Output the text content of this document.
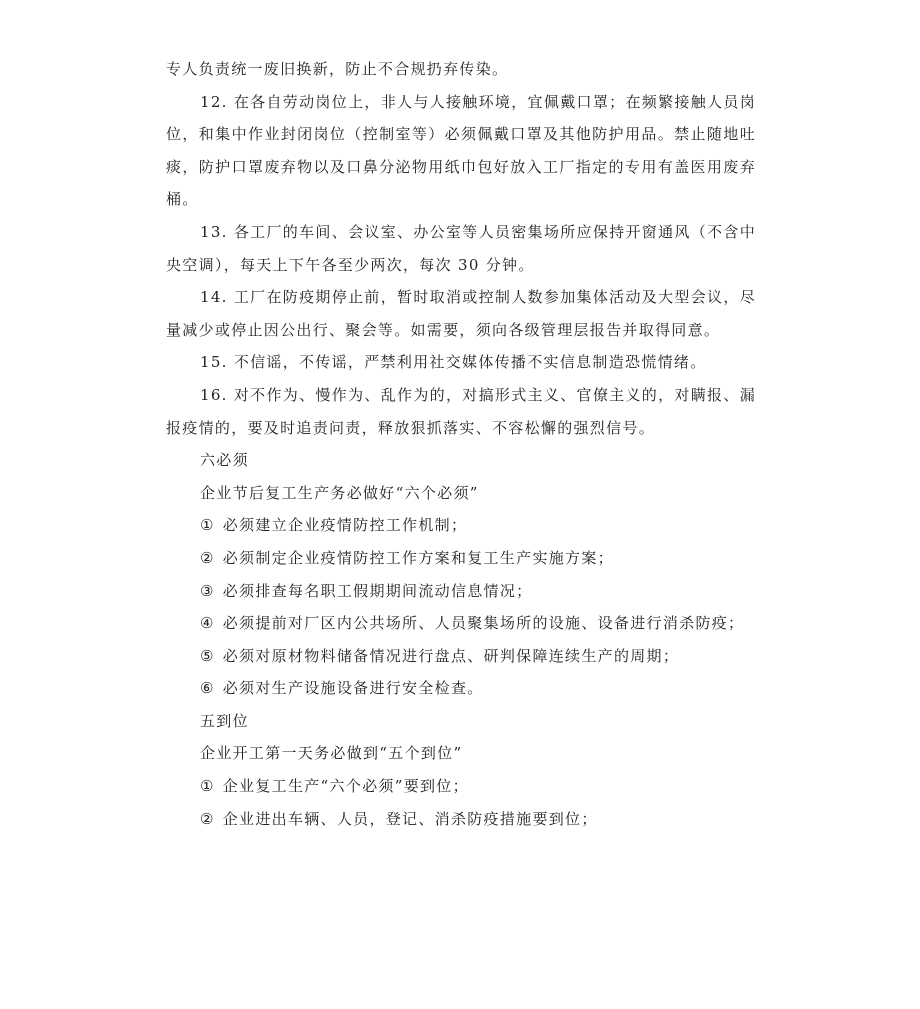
专人负责统一废旧换新，防止不合规扔弃传染。

12. 在各自劳动岗位上，非人与人接触环境，宜佩戴口罩；在频繁接触人员岗位，和集中作业封闭岗位（控制室等）必须佩戴口罩及其他防护用品。禁止随地吐痰，防护口罩废弃物以及口鼻分泌物用纸巾包好放入工厂指定的专用有盖医用废弃桶。

13. 各工厂的车间、会议室、办公室等人员密集场所应保持开窗通风（不含中央空调），每天上下午各至少两次，每次 30 分钟。

14. 工厂在防疫期停止前，暂时取消或控制人数参加集体活动及大型会议，尽量减少或停止因公出行、聚会等。如需要，须向各级管理层报告并取得同意。

15. 不信谣，不传谣，严禁利用社交媒体传播不实信息制造恐慌情绪。

16. 对不作为、慢作为、乱作为的，对搞形式主义、官僚主义的，对瞒报、漏报疫情的，要及时追责问责，释放狠抓落实、不容松懈的强烈信号。

六必须

企业节后复工生产务必做好“六个必须”

① 必须建立企业疫情防控工作机制；

② 必须制定企业疫情防控工作方案和复工生产实施方案；

③ 必须排查每名职工假期期间流动信息情况；

④ 必须提前对厂区内公共场所、人员聚集场所的设施、设备进行消杀防疫；

⑤ 必须对原材物料储备情况进行盘点、研判保障连续生产的周期；

⑥ 必须对生产设施设备进行安全检查。

五到位

企业开工第一天务必做到“五个到位”

① 企业复工生产“六个必须”要到位；

② 企业进出车辆、人员，登记、消杀防疫措施要到位；
